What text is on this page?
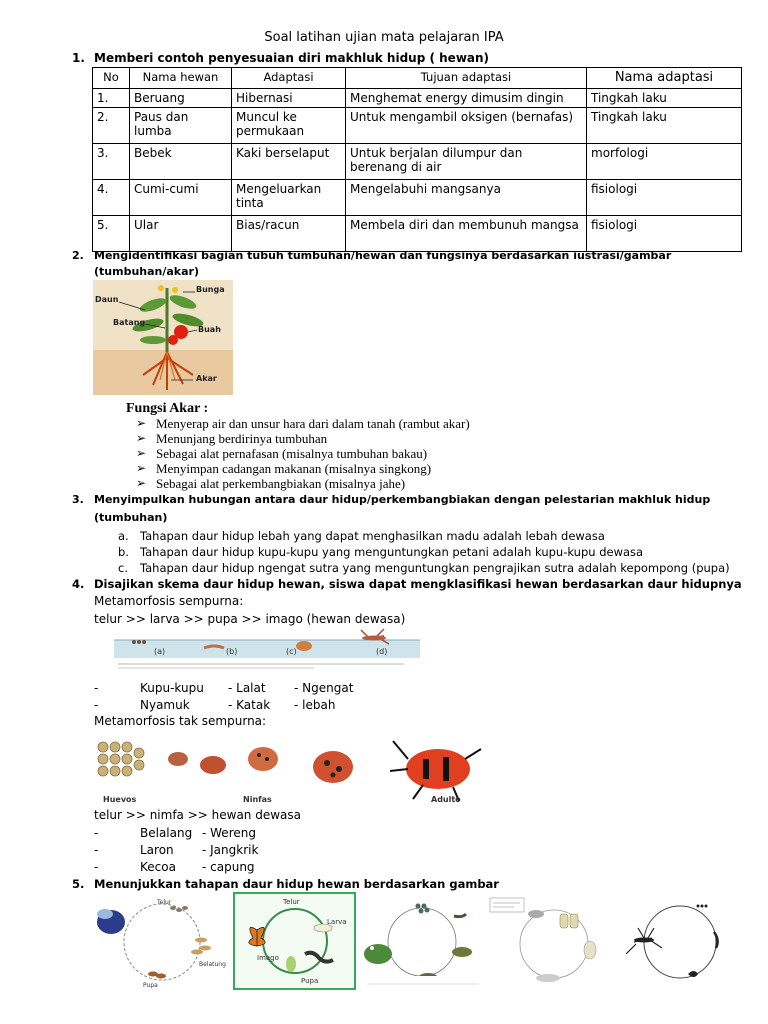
Soal latihan ujian mata pelajaran IPA
1. Memberi contoh penyesuaian diri makhluk hidup ( hewan)
No	Nama hewan	Adaptasi	Tujuan adaptasi	Nama adaptasi
1.	Beruang	Hibernasi	Menghemat energy dimusim dingin	Tingkah laku
2.	Paus dan lumba	Muncul ke permukaan	Untuk mengambil oksigen (bernafas)	Tingkah laku
3.	Bebek	Kaki berselaput	Untuk berjalan dilumpur dan berenang di air	morfologi
4.	Cumi-cumi	Mengeluarkan tinta	Mengelabuhi mangsanya	fisiologi
5.	Ular	Bias/racun	Membela diri dan membunuh mangsa	fisiologi
2. Mengidentifikasi bagian tubuh tumbuhan/hewan dan fungsinya berdasarkan iustrasi/gambar
(tumbuhan/akar)
Bunga
Daun
Buah
Batang
Akar
Fungsi Akar :
➢ Menyerap air dan unsur hara dari dalam tanah (rambut akar)
➢ Menunjang berdirinya tumbuhan
➢ Sebagai alat pernafasan (misalnya tumbuhan bakau)
➢ Menyimpan cadangan makanan (misalnya singkong)
➢ Sebagai alat perkembangbiakan (misalnya jahe)
3. Menyimpulkan hubungan antara daur hidup/perkembangbiakan dengan pelestarian makhluk hidup
(tumbuhan)
a. Tahapan daur hidup lebah yang dapat menghasilkan madu adalah lebah dewasa
b. Tahapan daur hidup kupu-kupu yang menguntungkan petani adalah kupu-kupu dewasa
c. Tahapan daur hidup ngengat sutra yang menguntungkan pengrajikan sutra adalah kepompong (pupa)
4. Disajikan skema daur hidup hewan, siswa dapat mengklasifikasi hewan berdasarkan daur hidupnya
Metamorfosis sempurna:
telur >> larva >> pupa >> imago (hewan dewasa)
(a)	(b)	(c)	(d)
-	Kupu-kupu - Lalat - Ngengat
-	Nyamuk	- Katak - lebah
Metamorfosis tak sempurna:
Huevos	Ninfas	Adulto
telur >> nimfa >> hewan dewasa
-	Belalang - Wereng
-	Laron - Jangkrik
-	Kecoa - capung
5. Menunjukkan tahapan daur hidup hewan berdasarkan gambar
Telur
Pupa
Belatung
Telur
Larva
Pupa
Imago
